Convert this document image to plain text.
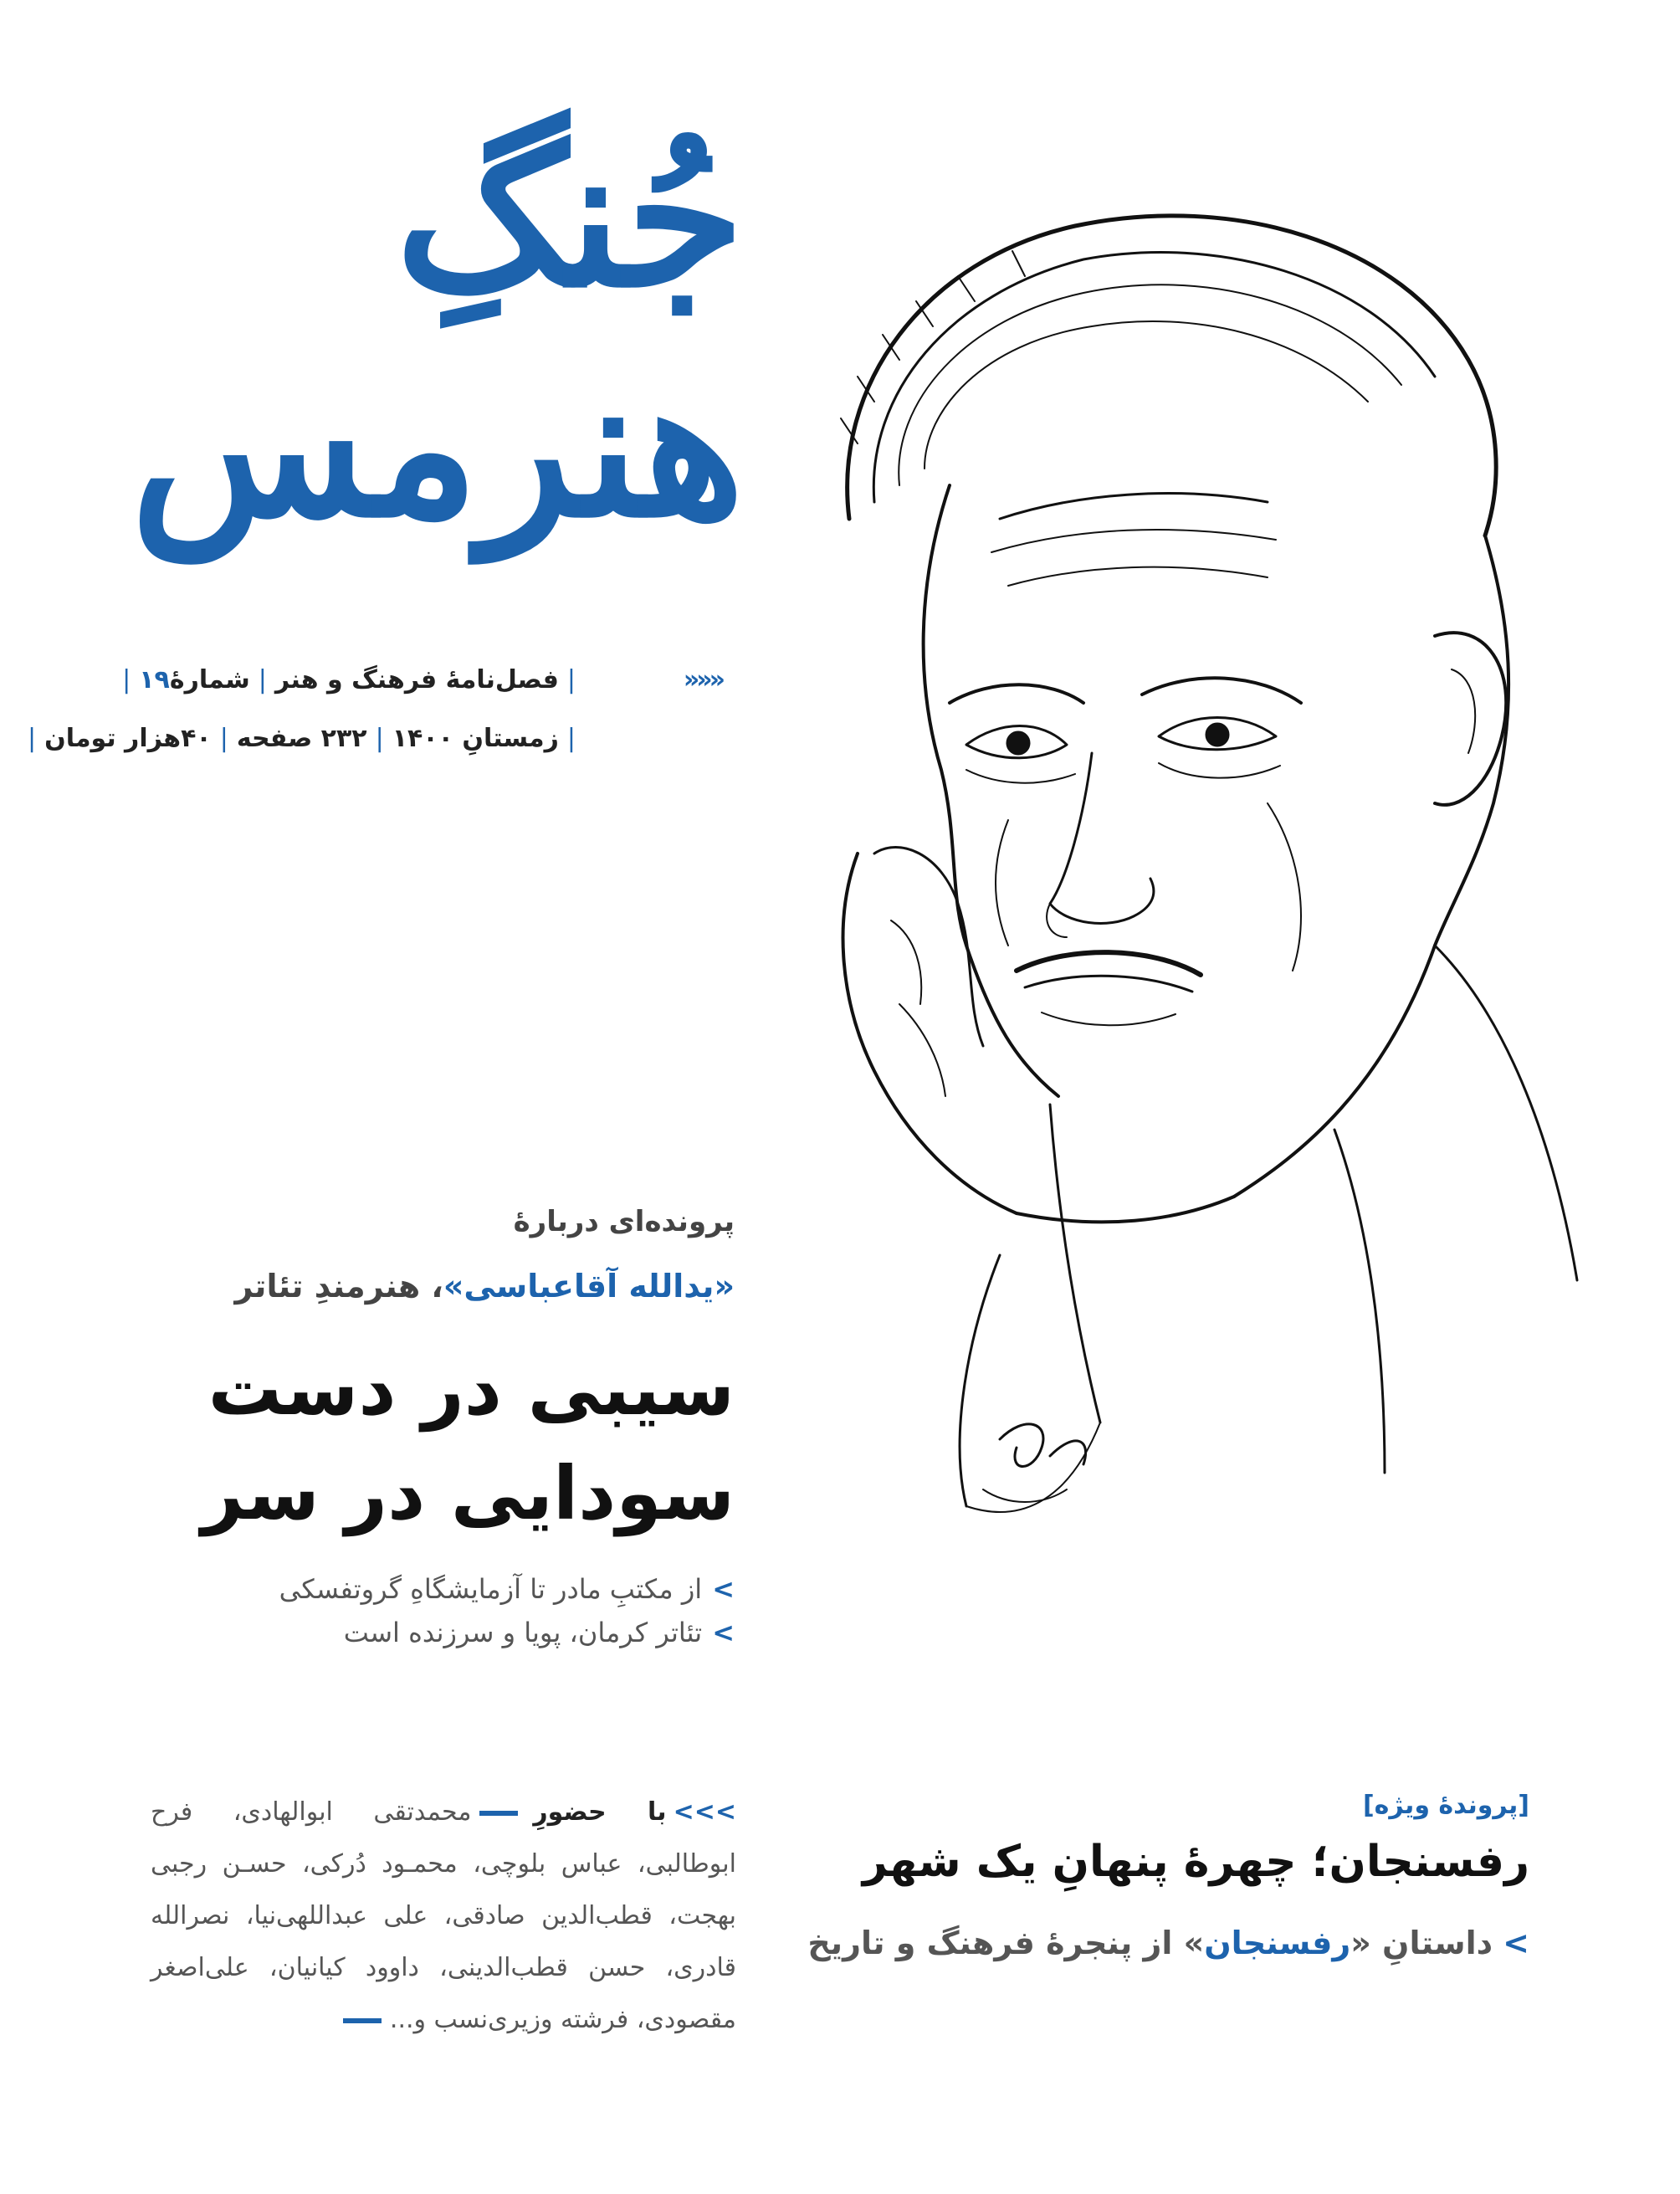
جُنگِ
هنرمس
|فصل‌نامۀ فرهنگ و هنر|شمارۀ۱۹|	«««
|زمستانِ ۱۴۰۰|۲۳۲ صفحه|۴۰هزار تومان|
پرونده‌ای دربارۀ
«یدالله آقاعباسی»، هنرمندِ تئاتر
سیبی در دست
سودایی در سر
>از مکتبِ مادر تا آزمایشگاهِ گروتفسکی
>تئاتر کرمان، پویا و سرزنده است
>>>با حضورِمحمدتقی ابوالهادی، فرح ابوطالبی، عباس بلوچی، محمـود دُرکی، حسـن رجبی بهجت، قطب‌الدین صادقی، علی عبداللهی‌نیا، نصرالله قادری، حسن قطب‌الدینی، داوود کیانیان، علی‌اصغر مقصودی، فرشته وزیری‌نسب و...
[پروندۀ ویژه]
رفسنجان؛ چهرۀ پنهانِ یک شهر
>داستانِ «رفسنجان» از پنجرۀ فرهنگ و تاریخ
